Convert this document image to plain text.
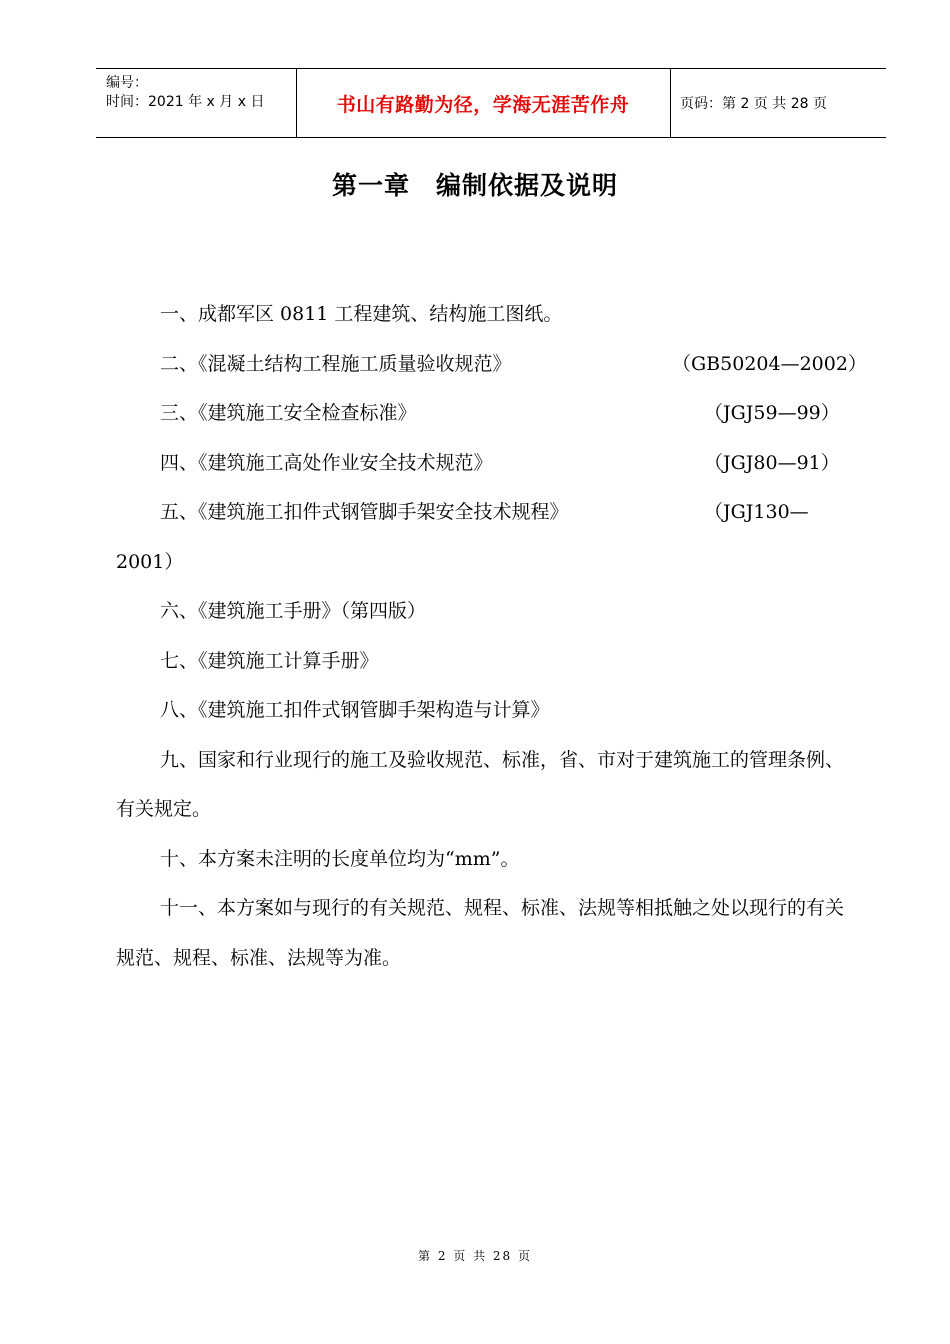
编号：
时间：2021 年 x 月 x 日	书山有路勤为径，学海无涯苦作舟	页码：第 2 页 共 28 页
第一章　编制依据及说明
一、成都军区 0811 工程建筑、结构施工图纸。
二、《混凝土结构工程施工质量验收规范》	（GB50204—2002）
三、《建筑施工安全检查标准》	（JGJ59—99）
四、《建筑施工高处作业安全技术规范》	（JGJ80—91）
五、《建筑施工扣件式钢管脚手架安全技术规程》	（JGJ130—
2001）
六、《建筑施工手册》（第四版）
七、《建筑施工计算手册》
八、《建筑施工扣件式钢管脚手架构造与计算》

九、国家和行业现行的施工及验收规范、标准，省、市对于建筑施工的管理条例、有关规定。

十、本方案未注明的长度单位均为“mm”。

十一、本方案如与现行的有关规范、规程、标准、法规等相抵触之处以现行的有关规范、规程、标准、法规等为准。

第 2 页 共 28 页
